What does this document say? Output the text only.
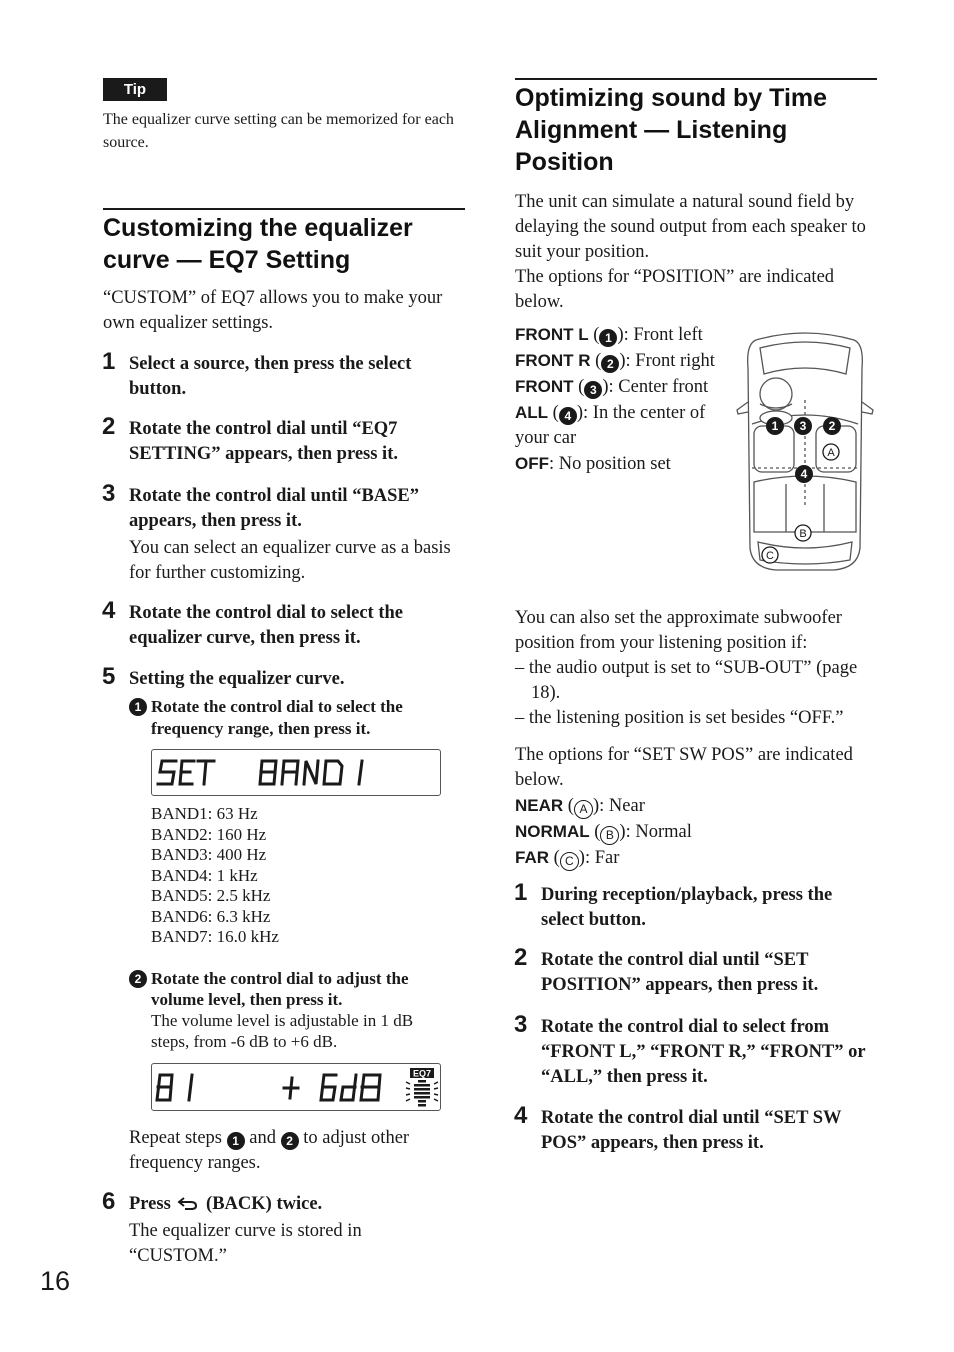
Tip
The equalizer curve setting can be memorized for each source.
Customizing the equalizer curve — EQ7 Setting

“CUSTOM” of EQ7 allows you to make your own equalizer settings.

1 Select a source, then press the select button.
2 Rotate the control dial until “EQ7 SETTING” appears, then press it.
3 Rotate the control dial until “BASE” appears, then press it.
You can select an equalizer curve as a basis for further customizing.
4 Rotate the control dial to select the equalizer curve, then press it.
5 Setting the equalizer curve.
1 Rotate the control dial to select the frequency range, then press it.
BAND1: 63 Hz
BAND2: 160 Hz
BAND3: 400 Hz
BAND4: 1 kHz
BAND5: 2.5 kHz
BAND6: 6.3 kHz
BAND7: 16.0 kHz
2 Rotate the control dial to adjust the volume level, then press it.
The volume level is adjustable in 1 dB steps, from -6 dB to +6 dB.
EQ7
Repeat steps 1 and 2 to adjust other frequency ranges.
6 Press (BACK) twice.
The equalizer curve is stored in “CUSTOM.”
16
Optimizing sound by Time Alignment — Listening Position
The unit can simulate a natural sound field by delaying the sound output from each speaker to suit your position.
The options for “POSITION” are indicated below.
FRONT L ( 1 ): Front left
FRONT R ( 2 ): Front right
FRONT ( 3 ): Center front
ALL ( 4 ): In the center of your car
OFF: No position set
1 3 2
4
A
B
C
You can also set the approximate subwoofer position from your listening position if:
– the audio output is set to “SUB-OUT” (page 18).
– the listening position is set besides “OFF.”
The options for “SET SW POS” are indicated below.
NEAR ( A ): Near
NORMAL ( B ): Normal
FAR ( C ): Far
1 During reception/playback, press the select button.
2 Rotate the control dial until “SET POSITION” appears, then press it.
3 Rotate the control dial to select from “FRONT L,” “FRONT R,” “FRONT” or “ALL,” then press it.
4 Rotate the control dial until “SET SW POS” appears, then press it.
